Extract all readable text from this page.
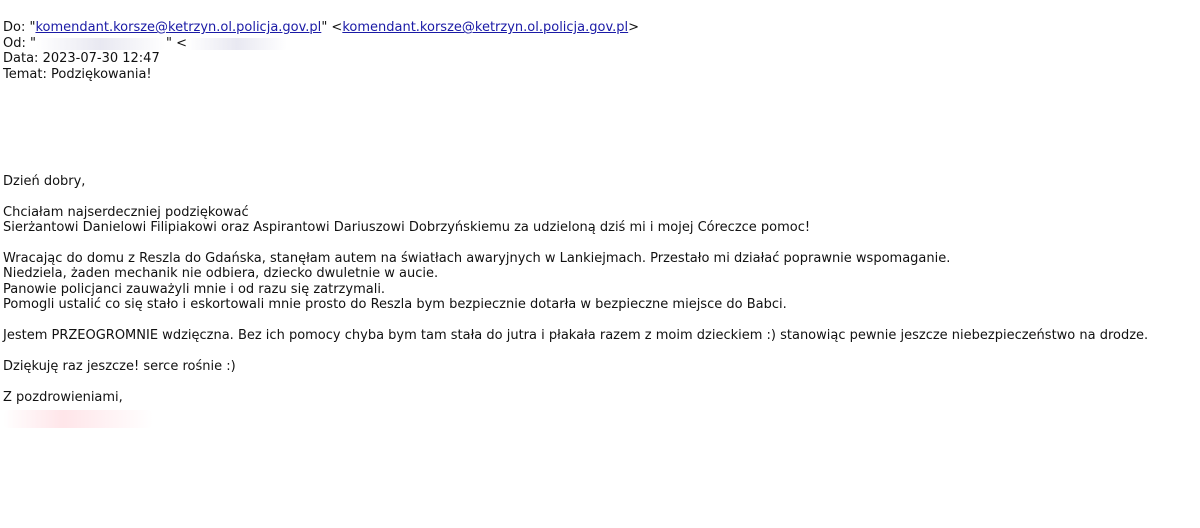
Do: "komendant.korsze@ketrzyn.ol.policja.gov.pl" <komendant.korsze@ketrzyn.ol.policja.gov.pl>
Od: "	" <
Data: 2023-07-30 12:47
Temat: Podziękowania!
Dzień dobry,
Chciałam najserdeczniej podziękować
Sierżantowi Danielowi Filipiakowi oraz Aspirantowi Dariuszowi Dobrzyńskiemu za udzieloną dziś mi i mojej Córeczce pomoc!
Wracając do domu z Reszla do Gdańska, stanęłam autem na światłach awaryjnych w Lankiejmach. Przestało mi działać poprawnie wspomaganie.
Niedziela, żaden mechanik nie odbiera, dziecko dwuletnie w aucie.
Panowie policjanci zauważyli mnie i od razu się zatrzymali.
Pomogli ustalić co się stało i eskortowali mnie prosto do Reszla bym bezpiecznie dotarła w bezpieczne miejsce do Babci.
Jestem PRZEOGROMNIE wdzięczna. Bez ich pomocy chyba bym tam stała do jutra i płakała razem z moim dzieckiem :) stanowiąc pewnie jeszcze niebezpieczeństwo na drodze.
Dziękuję raz jeszcze! serce rośnie :)
Z pozdrowieniami,
